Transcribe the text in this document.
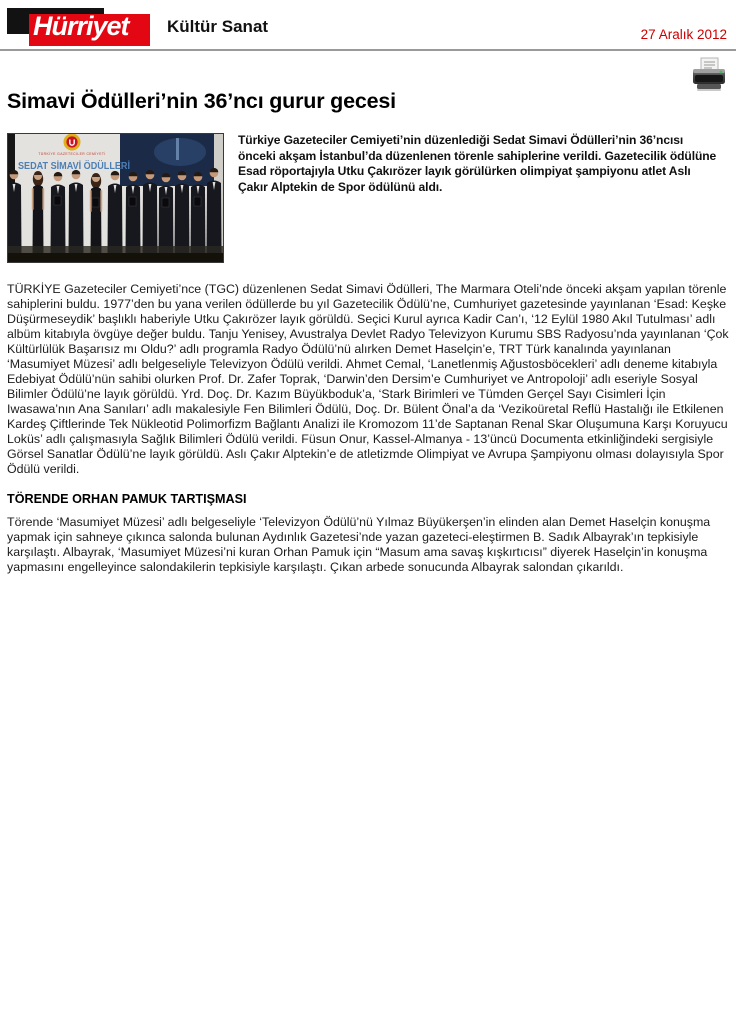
Hürriyet Kültür Sanat	27 Aralık 2012
Simavi Ödülleri’nin 36’ncı gurur gecesi
TÜRKİYE GAZETECİLER CEMİYETİ
SEDAT SİMAVİ ÖDÜLLERİ
Türkiye Gazeteciler Cemiyeti’nin düzenlediği Sedat Simavi Ödülleri’nin 36’ncısı önceki akşam İstanbul’da düzenlenen törenle sahiplerine verildi. Gazetecilik ödülüne Esad röportajıyla Utku Çakırözer layık görülürken olimpiyat şampiyonu atlet Aslı Çakır Alptekin de Spor ödülünü aldı.

TÜRKİYE Gazeteciler Cemiyeti’nce (TGC) düzenlenen Sedat Simavi Ödülleri, The Marmara Oteli’nde önceki akşam yapılan törenle sahiplerini buldu. 1977’den bu yana verilen ödüllerde bu yıl Gazetecilik Ödülü’ne, Cumhuriyet gazetesinde yayınlanan ‘Esad: Keşke Düşürmeseydik’ başlıklı haberiyle Utku Çakırözer layık görüldü. Seçici Kurul ayrıca Kadir Can’ı, ‘12 Eylül 1980 Akıl Tutulması’ adlı albüm kitabıyla övgüye değer buldu. Tanju Yenisey, Avustralya Devlet Radyo Televizyon Kurumu SBS Radyosu’nda yayınlanan ‘Çok Kültürlülük Başarısız mı Oldu?’ adlı programla Radyo Ödülü’nü alırken Demet Haselçin’e, TRT Türk kanalında yayınlanan ‘Masumiyet Müzesi’ adlı belgeseliyle Televizyon Ödülü verildi. Ahmet Cemal, ‘Lanetlenmiş Ağustosböcekleri’ adlı deneme kitabıyla Edebiyat Ödülü’nün sahibi olurken Prof. Dr. Zafer Toprak, ‘Darwin’den Dersim’e Cumhuriyet ve Antropoloji’ adlı eseriyle Sosyal Bilimler Ödülü’ne layık görüldü. Yrd. Doç. Dr. Kazım Büyükboduk’a, ‘Stark Birimleri ve Tümden Gerçel Sayı Cisimleri İçin Iwasawa’nın Ana Sanıları’ adlı makalesiyle Fen Bilimleri Ödülü, Doç. Dr. Bülent Önal’a da ‘Vezikoüretal Reflü Hastalığı ile Etkilenen Kardeş Çiftlerinde Tek Nükleotid Polimorfizm Bağlantı Analizi ile Kromozom 11’de Saptanan Renal Skar Oluşumuna Karşı Koruyucu Loküs’ adlı çalışmasıyla Sağlık Bilimleri Ödülü verildi. Füsun Onur, Kassel-Almanya - 13’üncü Documenta etkinliğindeki sergisiyle Görsel Sanatlar Ödülü’ne layık görüldü. Aslı Çakır Alptekin’e de atletizmde Olimpiyat ve Avrupa Şampiyonu olması dolayısıyla Spor Ödülü verildi.

TÖRENDE ORHAN PAMUK TARTIŞMASI

Törende ‘Masumiyet Müzesi’ adlı belgeseliyle ‘Televizyon Ödülü’nü Yılmaz Büyükerşen’in elinden alan Demet Haselçin konuşma yapmak için sahneye çıkınca salonda bulunan Aydınlık Gazetesi’nde yazan gazeteci-eleştirmen B. Sadık Albayrak’ın tepkisiyle karşılaştı. Albayrak, ‘Masumiyet Müzesi’ni kuran Orhan Pamuk için “Masum ama savaş kışkırtıcısı” diyerek Haselçin’in konuşma yapmasını engelleyince salondakilerin tepkisiyle karşılaştı. Çıkan arbede sonucunda Albayrak salondan çıkarıldı.
